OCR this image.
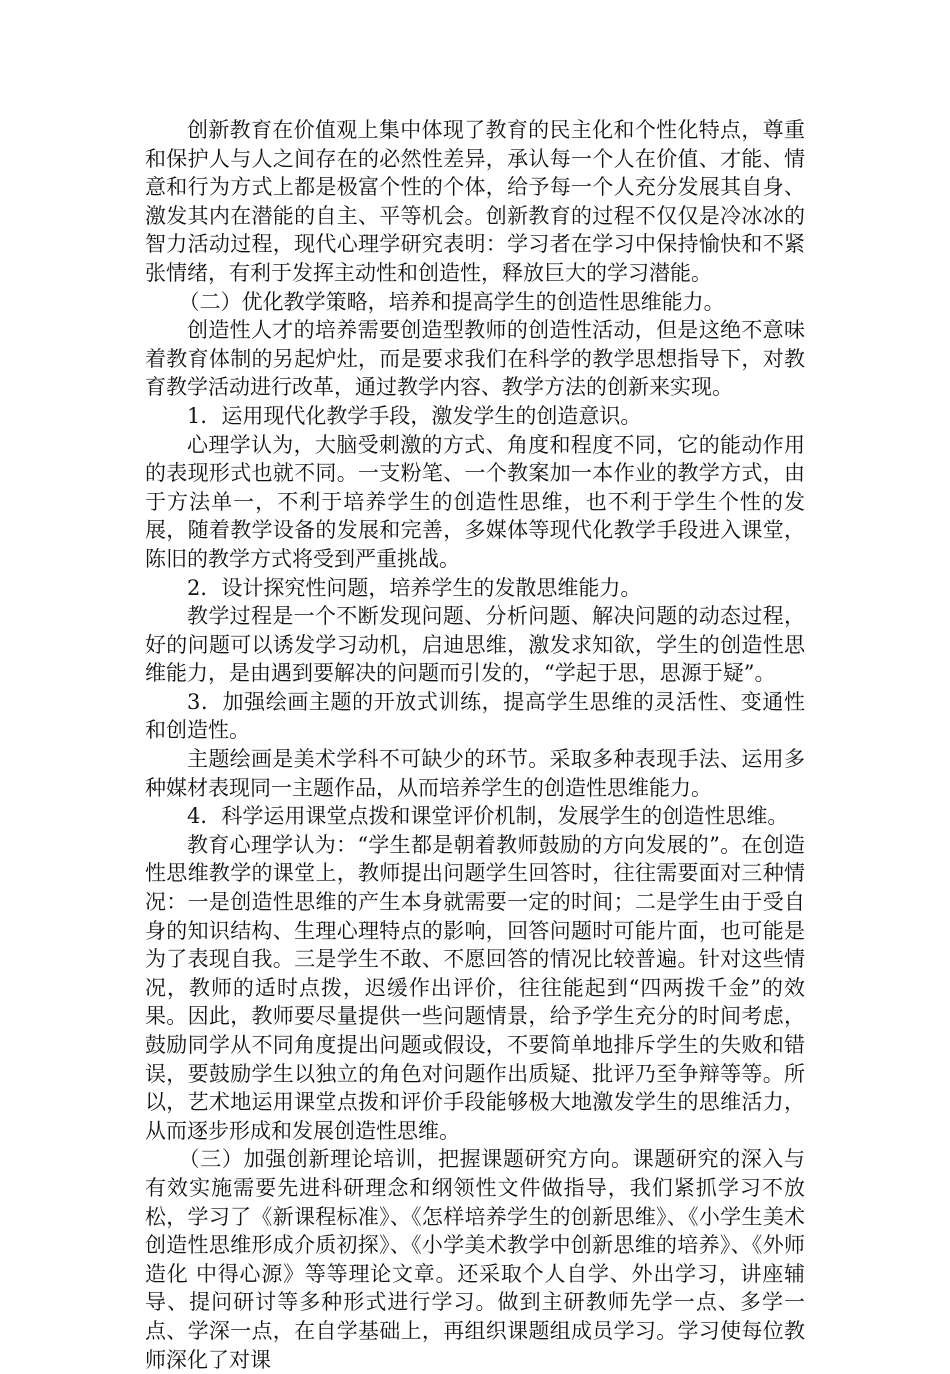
创新教育在价值观上集中体现了教育的民主化和个性化特点，尊重和保护人与人之间存在的必然性差异，承认每一个人在价值、才能、情意和行为方式上都是极富个性的个体，给予每一个人充分发展其自身、激发其内在潜能的自主、平等机会。创新教育的过程不仅仅是冷冰冰的智力活动过程，现代心理学研究表明：学习者在学习中保持愉快和不紧张情绪，有利于发挥主动性和创造性，释放巨大的学习潜能。

（二）优化教学策略，培养和提高学生的创造性思维能力。

创造性人才的培养需要创造型教师的创造性活动，但是这绝不意味着教育体制的另起炉灶，而是要求我们在科学的教学思想指导下，对教育教学活动进行改革，通过教学内容、教学方法的创新来实现。

1．运用现代化教学手段，激发学生的创造意识。

心理学认为，大脑受刺激的方式、角度和程度不同，它的能动作用的表现形式也就不同。一支粉笔、一个教案加一本作业的教学方式，由于方法单一，不利于培养学生的创造性思维，也不利于学生个性的发展，随着教学设备的发展和完善，多媒体等现代化教学手段进入课堂，陈旧的教学方式将受到严重挑战。

2．设计探究性问题，培养学生的发散思维能力。

教学过程是一个不断发现问题、分析问题、解决问题的动态过程，好的问题可以诱发学习动机，启迪思维，激发求知欲，学生的创造性思维能力，是由遇到要解决的问题而引发的，“学起于思，思源于疑”。

3．加强绘画主题的开放式训练，提高学生思维的灵活性、变通性和创造性。

主题绘画是美术学科不可缺少的环节。采取多种表现手法、运用多种媒材表现同一主题作品，从而培养学生的创造性思维能力。

4．科学运用课堂点拨和课堂评价机制，发展学生的创造性思维。

教育心理学认为：“学生都是朝着教师鼓励的方向发展的”。在创造性思维教学的课堂上，教师提出问题学生回答时，往往需要面对三种情况：一是创造性思维的产生本身就需要一定的时间；二是学生由于受自身的知识结构、生理心理特点的影响，回答问题时可能片面，也可能是为了表现自我。三是学生不敢、不愿回答的情况比较普遍。针对这些情况，教师的适时点拨，迟缓作出评价，往往能起到“四两拨千金”的效果。因此，教师要尽量提供一些问题情景，给予学生充分的时间考虑，鼓励同学从不同角度提出问题或假设，不要简单地排斥学生的失败和错误，要鼓励学生以独立的角色对问题作出质疑、批评乃至争辩等等。所以，艺术地运用课堂点拨和评价手段能够极大地激发学生的思维活力，从而逐步形成和发展创造性思维。

（三）加强创新理论培训，把握课题研究方向。课题研究的深入与有效实施需要先进科研理念和纲领性文件做指导，我们紧抓学习不放松，学习了《新课程标准》、《怎样培养学生的创新思维》、《小学生美术创造性思维形成介质初探》、《小学美术教学中创新思维的培养》、《外师造化 中得心源》等等理论文章。还采取个人自学、外出学习，讲座辅导、提问研讨等多种形式进行学习。做到主研教师先学一点、多学一点、学深一点，在自学基础上，再组织课题组成员学习。学习使每位教师深化了对课
